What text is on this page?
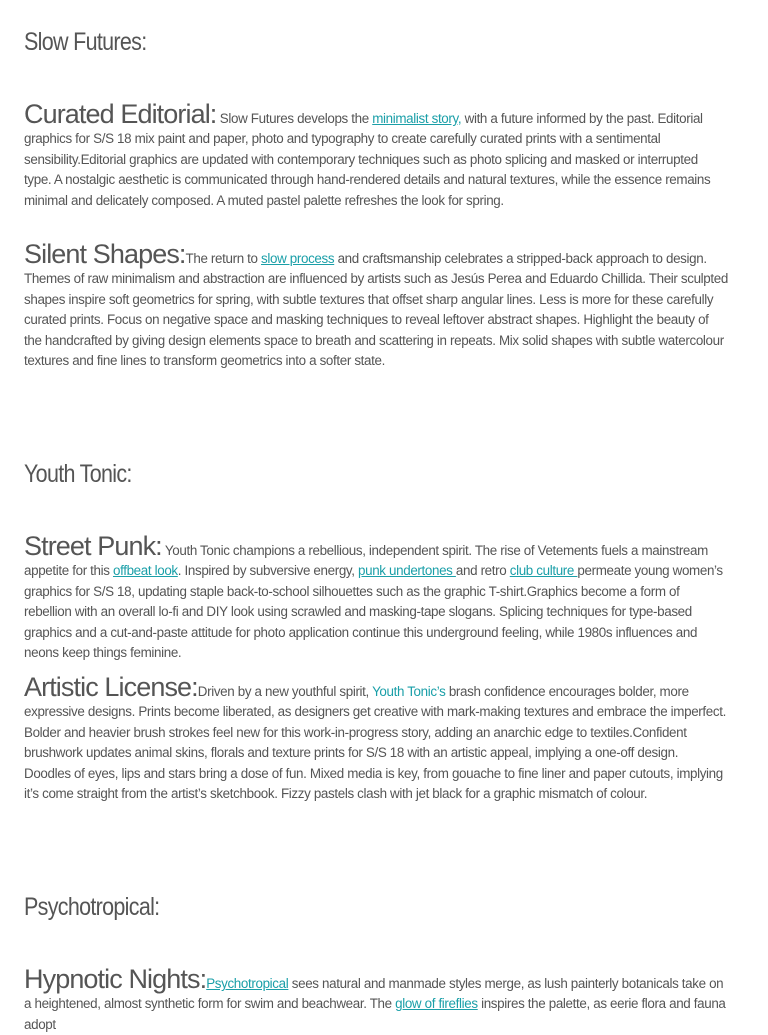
Slow Futures:

Curated Editorial: Slow Futures develops the minimalist story, with a future informed by the past. Editorial graphics for S/S 18 mix paint and paper, photo and typography to create carefully curated prints with a sentimental sensibility.Editorial graphics are updated with contemporary techniques such as photo splicing and masked or interrupted type. A nostalgic aesthetic is communicated through hand-rendered details and natural textures, while the essence remains minimal and delicately composed. A muted pastel palette refreshes the look for spring.

Silent Shapes:The return to slow process and craftsmanship celebrates a stripped-back approach to design. Themes of raw minimalism and abstraction are influenced by artists such as Jesús Perea and Eduardo Chillida. Their sculpted shapes inspire soft geometrics for spring, with subtle textures that offset sharp angular lines. Less is more for these carefully curated prints. Focus on negative space and masking techniques to reveal leftover abstract shapes. Highlight the beauty of the handcrafted by giving design elements space to breath and scattering in repeats. Mix solid shapes with subtle watercolour textures and fine lines to transform geometrics into a softer state.

Youth Tonic:

Street Punk: Youth Tonic champions a rebellious, independent spirit. The rise of Vetements fuels a mainstream appetite for this offbeat look. Inspired by subversive energy, punk undertones and retro club culture permeate young women’s graphics for S/S 18, updating staple back-to-school silhouettes such as the graphic T-shirt.Graphics become a form of rebellion with an overall lo-fi and DIY look using scrawled and masking-tape slogans. Splicing techniques for type-based graphics and a cut-and-paste attitude for photo application continue this underground feeling, while 1980s influences and neons keep things feminine.

Artistic License:Driven by a new youthful spirit, Youth Tonic’s brash confidence encourages bolder, more expressive designs. Prints become liberated, as designers get creative with mark-making textures and embrace the imperfect. Bolder and heavier brush strokes feel new for this work-in-progress story, adding an anarchic edge to textiles.Confident brushwork updates animal skins, florals and texture prints for S/S 18 with an artistic appeal, implying a one-off design. Doodles of eyes, lips and stars bring a dose of fun. Mixed media is key, from gouache to fine liner and paper cutouts, implying it’s come straight from the artist’s sketchbook. Fizzy pastels clash with jet black for a graphic mismatch of colour.

Psychotropical:

Hypnotic Nights:Psychotropical sees natural and manmade styles merge, as lush painterly botanicals take on a heightened, almost synthetic form for swim and beachwear. The glow of fireflies inspires the palette, as eerie flora and fauna adopt
